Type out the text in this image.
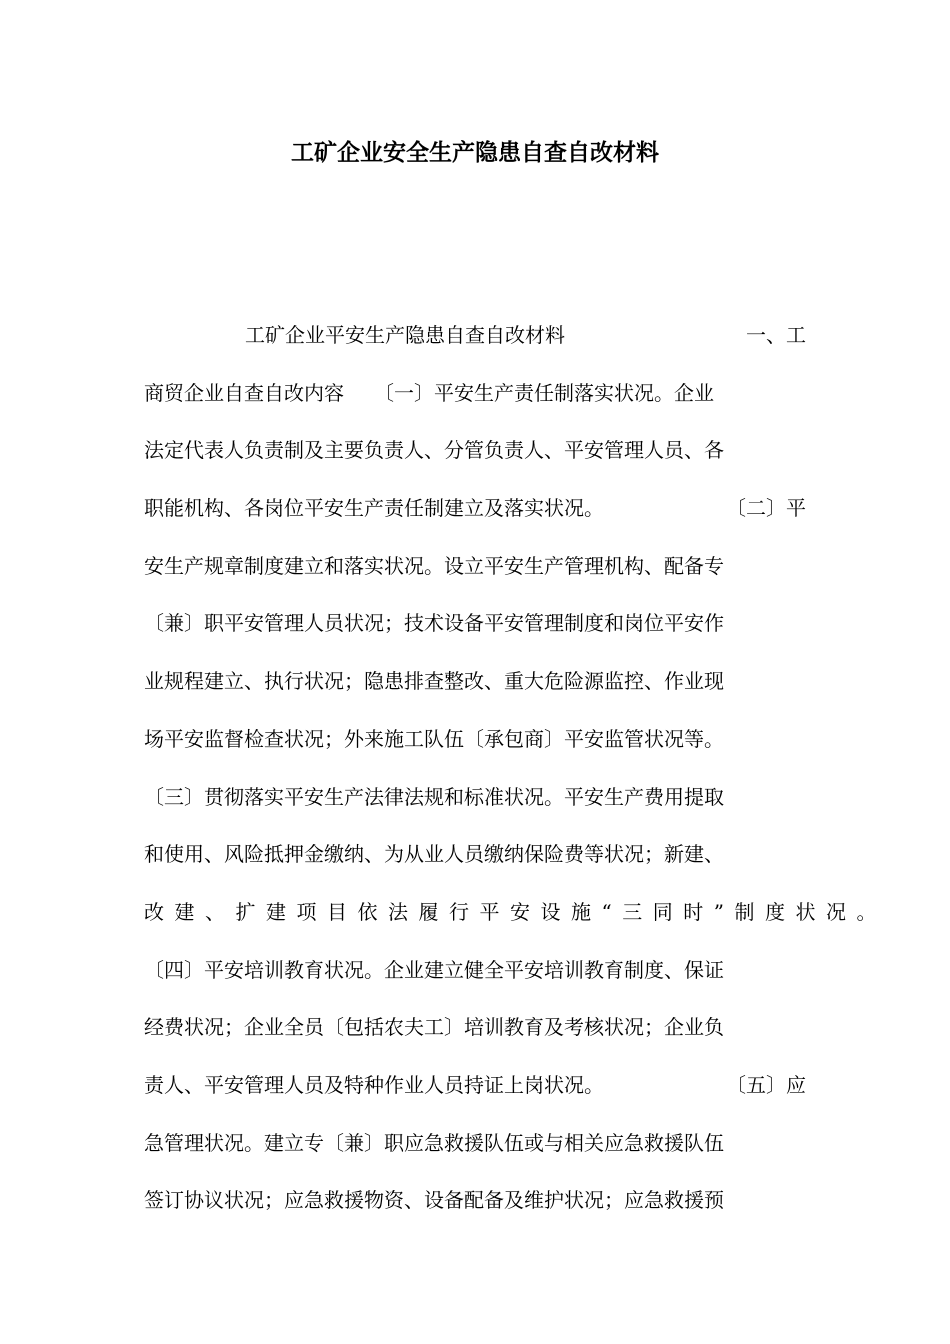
工矿企业安全生产隐患自查自改材料
工矿企业平安生产隐患自查自改材料	一、工
商贸企业自查自改内容　　〔一〕平安生产责任制落实状况。企业
法定代表人负责制及主要负责人、分管负责人、平安管理人员、各
职能机构、各岗位平安生产责任制建立及落实状况。	〔二〕平
安生产规章制度建立和落实状况。设立平安生产管理机构、配备专
〔兼〕职平安管理人员状况；技术设备平安管理制度和岗位平安作
业规程建立、执行状况；隐患排查整改、重大危险源监控、作业现
场平安监督检查状况；外来施工队伍〔承包商〕平安监管状况等。
〔三〕贯彻落实平安生产法律法规和标准状况。平安生产费用提取
和使用、风险抵押金缴纳、为从业人员缴纳保险费等状况；新建、
改建、扩建项目依法履行平安设施“三同时”制度状况。
〔四〕平安培训教育状况。企业建立健全平安培训教育制度、保证
经费状况；企业全员〔包括农夫工〕培训教育及考核状况；企业负
责人、平安管理人员及特种作业人员持证上岗状况。	〔五〕应
急管理状况。建立专〔兼〕职应急救援队伍或与相关应急救援队伍
签订协议状况；应急救援物资、设备配备及维护状况；应急救援预
